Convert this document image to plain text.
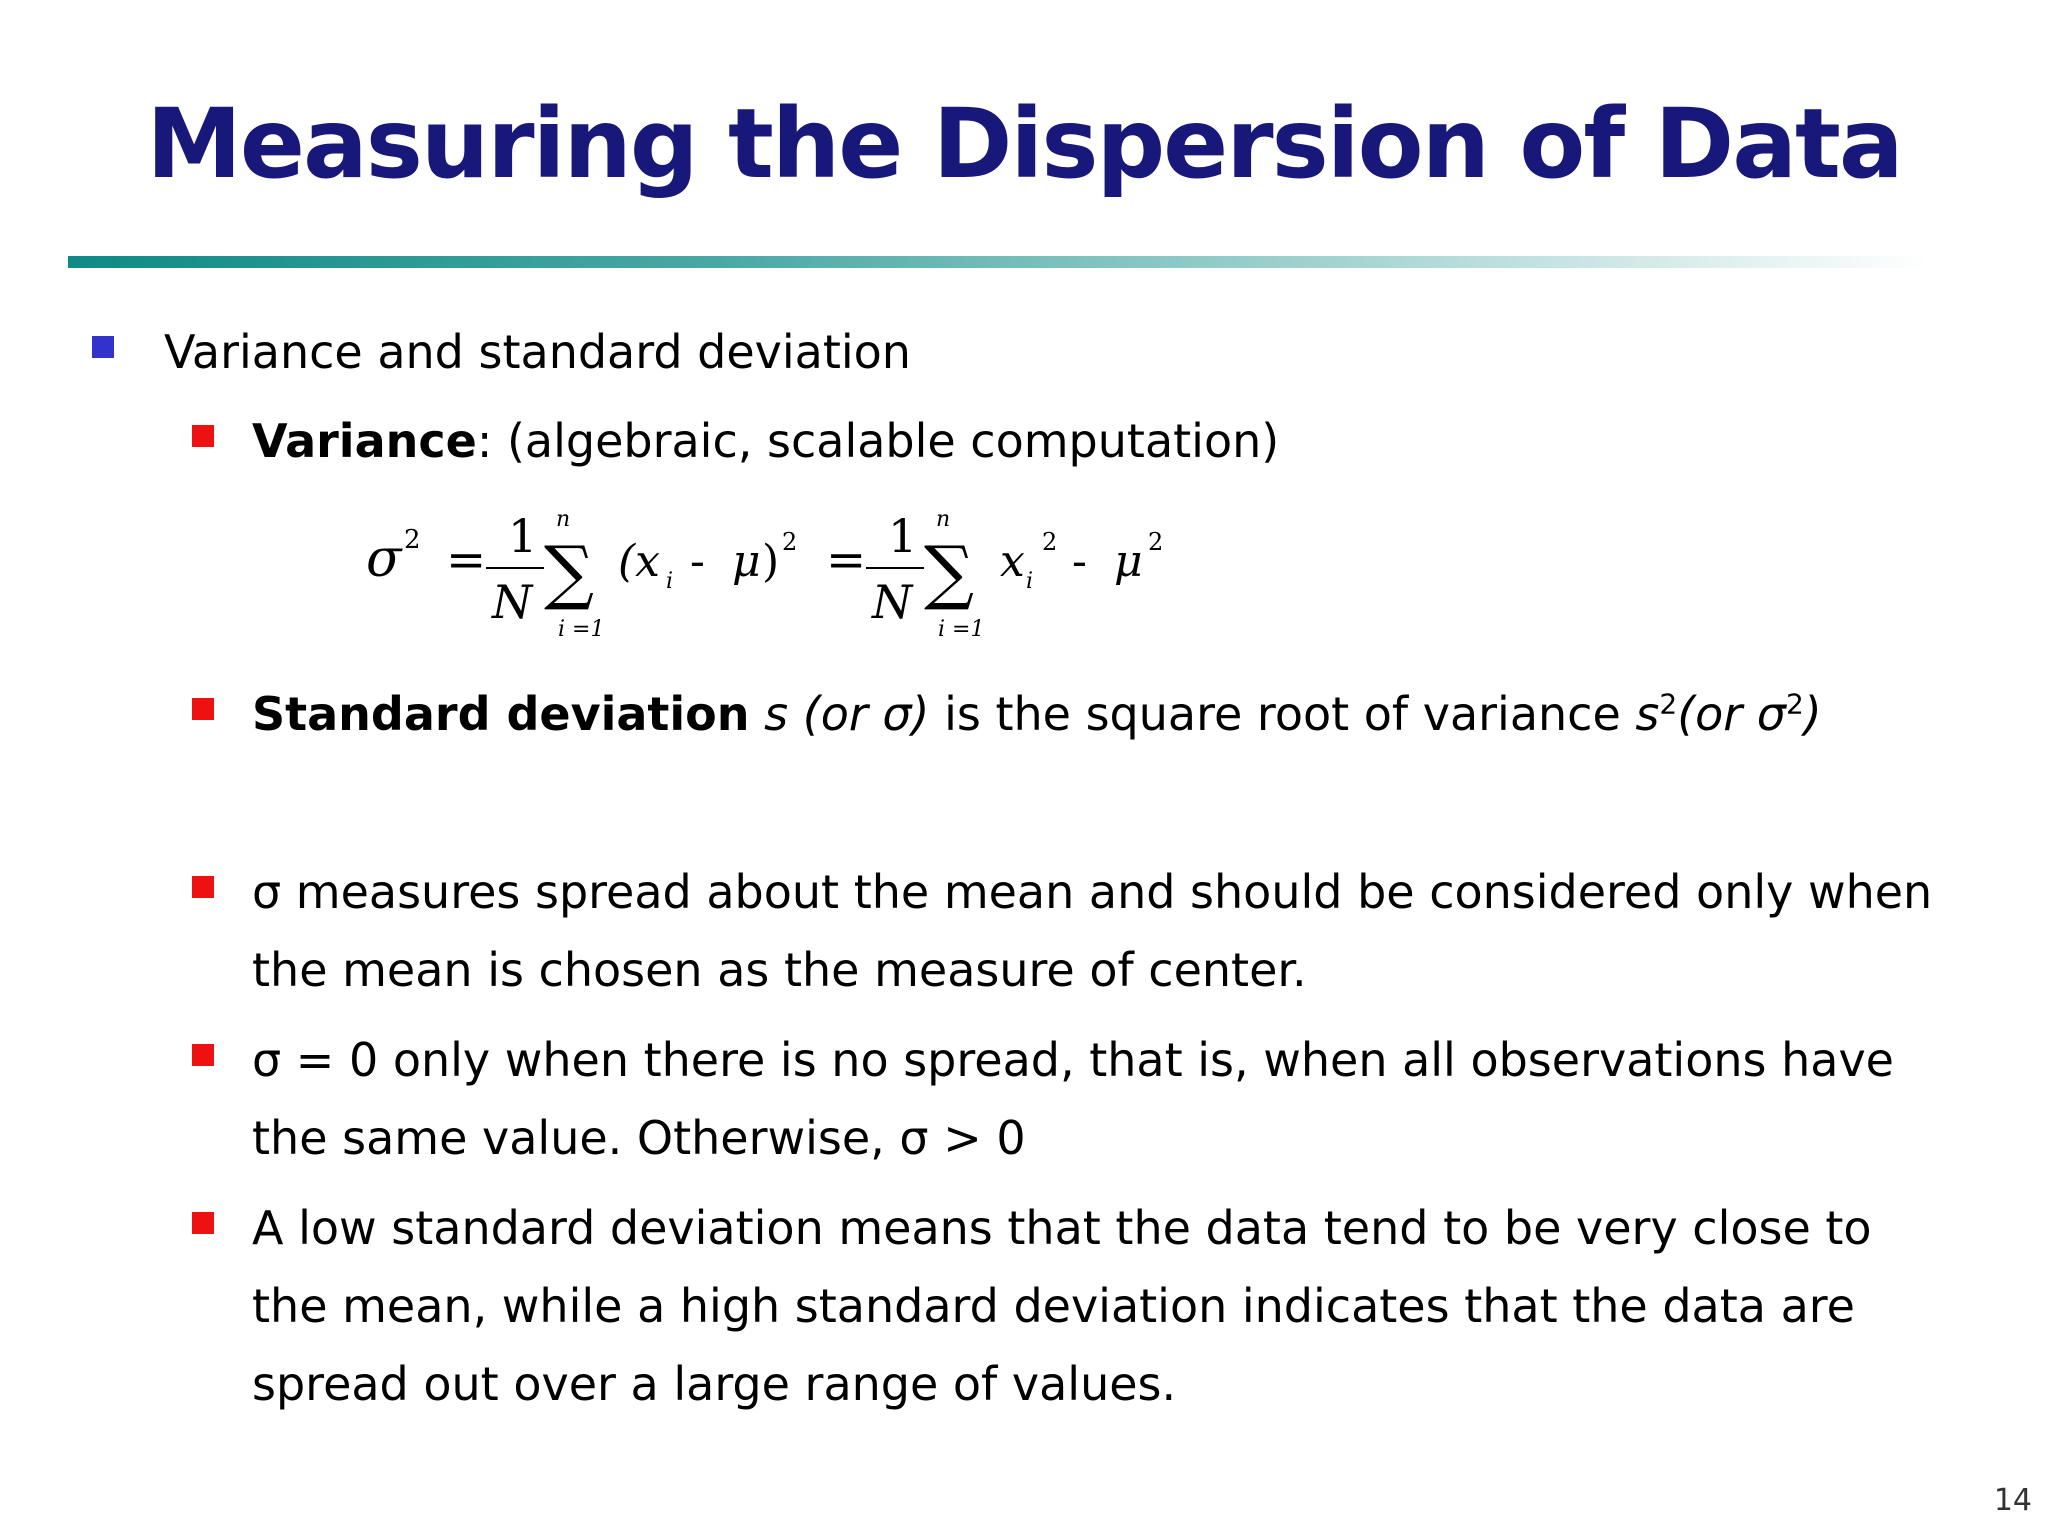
Measuring the Dispersion of Data
Variance and standard deviation
Variance: (algebraic, scalable computation)
σ 2 = 1
N
n
∑
i =1
(x i - μ ) 2 = 1
N
n
∑
i =1
x i
2 - μ 2
Standard deviation s (or σ) is the square root of variance $s^2(or$ $\sigma^2$)
σ measures spread about the mean and should be considered only when the mean is chosen as the measure of center.
σ = 0 only when there is no spread, that is, when all observations have the same value. Otherwise, σ > 0
A low standard deviation means that the data tend to be very close to the mean, while a high standard deviation indicates that the data are spread out over a large range of values.
14
